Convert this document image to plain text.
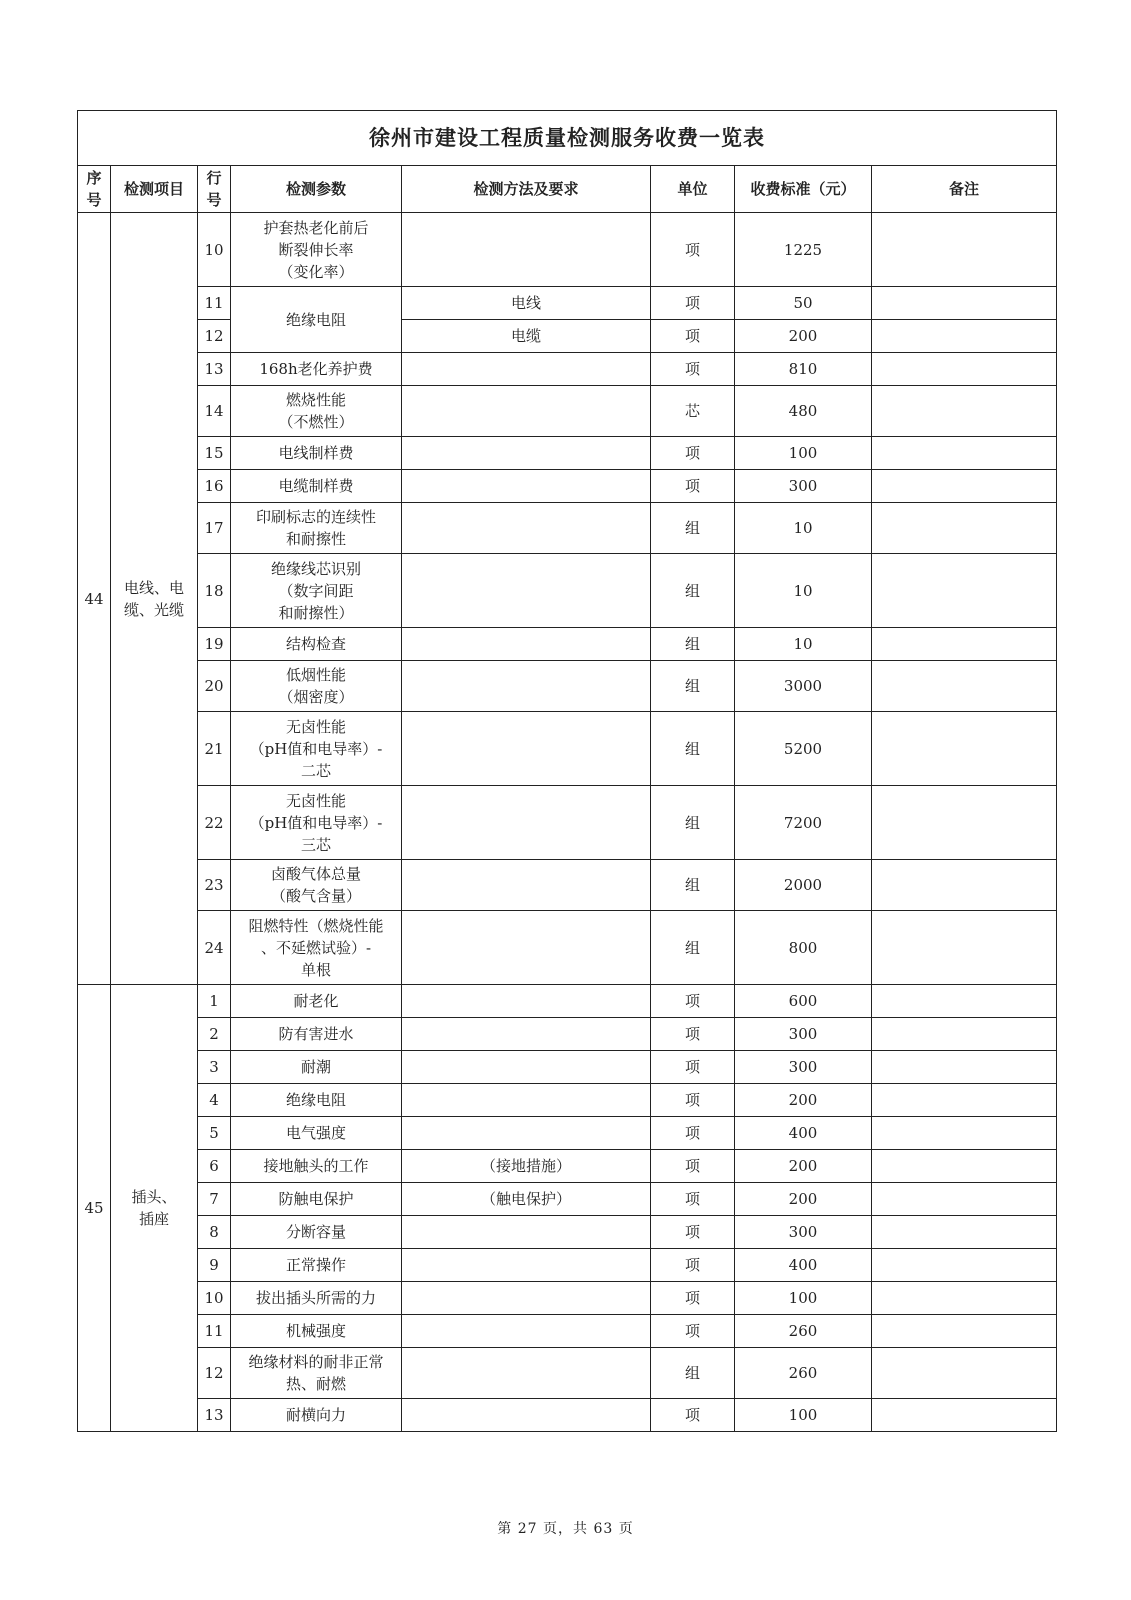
徐州市建设工程质量检测服务收费一览表							
序
号	检测项目	行
号	检测参数	检测方法及要求	单位	收费标准（元）	备注
44	电线、电
缆、光缆	10	护套热老化前后
断裂伸长率
（变化率）		项	1225	
		11	绝缘电阻	电线	项	50	
		12		电缆	项	200	
		13	168h老化养护费		项	810	
		14	燃烧性能
（不燃性）		芯	480	
		15	电线制样费		项	100	
		16	电缆制样费		项	300	
		17	印刷标志的连续性
和耐擦性		组	10	
		18	绝缘线芯识别
（数字间距
和耐擦性）		组	10	
		19	结构检查		组	10	
		20	低烟性能
（烟密度）		组	3000	
		21	无卤性能
（pH值和电导率）-
二芯		组	5200	
		22	无卤性能
（pH值和电导率）-
三芯		组	7200	
		23	卤酸气体总量
（酸气含量）		组	2000	
		24	阻燃特性（燃烧性能
、不延燃试验）-
单根		组	800	
45	插头、
插座	1	耐老化		项	600	
		2	防有害进水		项	300	
		3	耐潮		项	300	
		4	绝缘电阻		项	200	
		5	电气强度		项	400	
		6	接地触头的工作	（接地措施）	项	200	
		7	防触电保护	（触电保护）	项	200	
		8	分断容量		项	300	
		9	正常操作		项	400	
		10	拔出插头所需的力		项	100	
		11	机械强度		项	260	
		12	绝缘材料的耐非正常
热、耐燃		组	260	
		13	耐横向力		项	100	
第 27 页，共 63 页
